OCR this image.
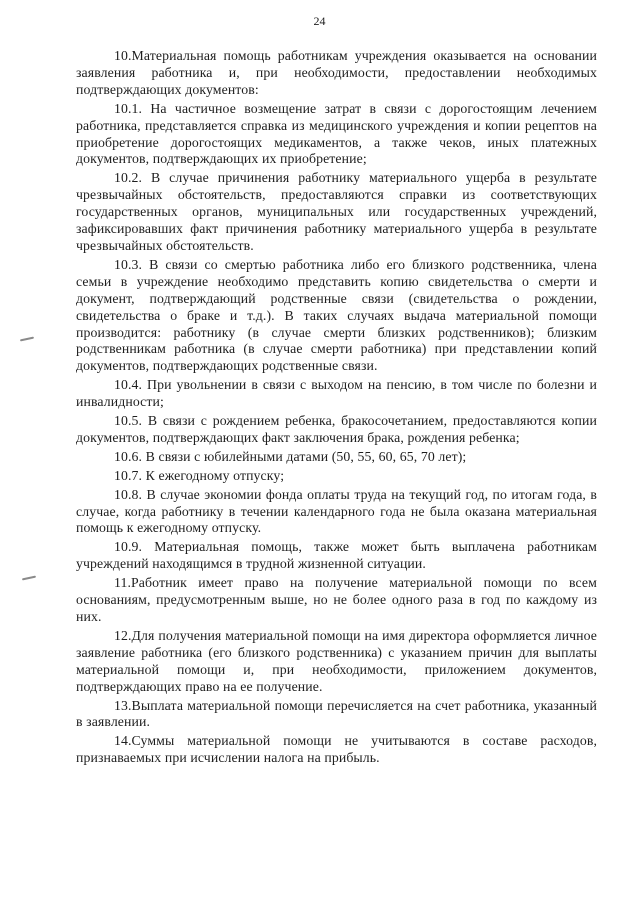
24

10.Материальная помощь работникам учреждения оказывается на основании заявления работника и, при необходимости, предоставлении необходимых подтверждающих документов:

10.1. На частичное возмещение затрат в связи с дорогостоящим лечением работника, представляется справка из медицинского учреждения и копии рецептов на приобретение дорогостоящих медикаментов, а также чеков, иных платежных документов, подтверждающих их приобретение;

10.2. В случае причинения работнику материального ущерба в результате чрезвычайных обстоятельств, предоставляются справки из соответствующих государственных органов, муниципальных или государственных учреждений, зафиксировавших факт причинения работнику материального ущерба в результате чрезвычайных обстоятельств.

10.3. В связи со смертью работника либо его близкого родственника, члена семьи в учреждение необходимо представить копию свидетельства о смерти и документ, подтверждающий родственные связи (свидетельства о рождении, свидетельства о браке и т.д.). В таких случаях выдача материальной помощи производится: работнику (в случае смерти близких родственников); близким родственникам работника (в случае смерти работника) при представлении копий документов, подтверждающих родственные связи.

10.4. При увольнении в связи с выходом на пенсию, в том числе по болезни и инвалидности;

10.5. В связи с рождением ребенка, бракосочетанием, предоставляются копии документов, подтверждающих факт заключения брака, рождения ребенка;

10.6. В связи с юбилейными датами (50, 55, 60, 65, 70 лет);

10.7. К ежегодному отпуску;

10.8. В случае экономии фонда оплаты труда на текущий год, по итогам года, в случае, когда работнику в течении календарного года не была оказана материальная помощь к ежегодному отпуску.

10.9. Материальная помощь, также может быть выплачена работникам учреждений находящимся в трудной жизненной ситуации.

11.Работник имеет право на получение материальной помощи по всем основаниям, предусмотренным выше, но не более одного раза в год по каждому из них.

12.Для получения материальной помощи на имя директора оформляется личное заявление работника (его близкого родственника) с указанием причин для выплаты материальной помощи и, при необходимости, приложением документов, подтверждающих право на ее получение.

13.Выплата материальной помощи перечисляется на счет работника, указанный в заявлении.

14.Суммы материальной помощи не учитываются в составе расходов, признаваемых при исчислении налога на прибыль.
